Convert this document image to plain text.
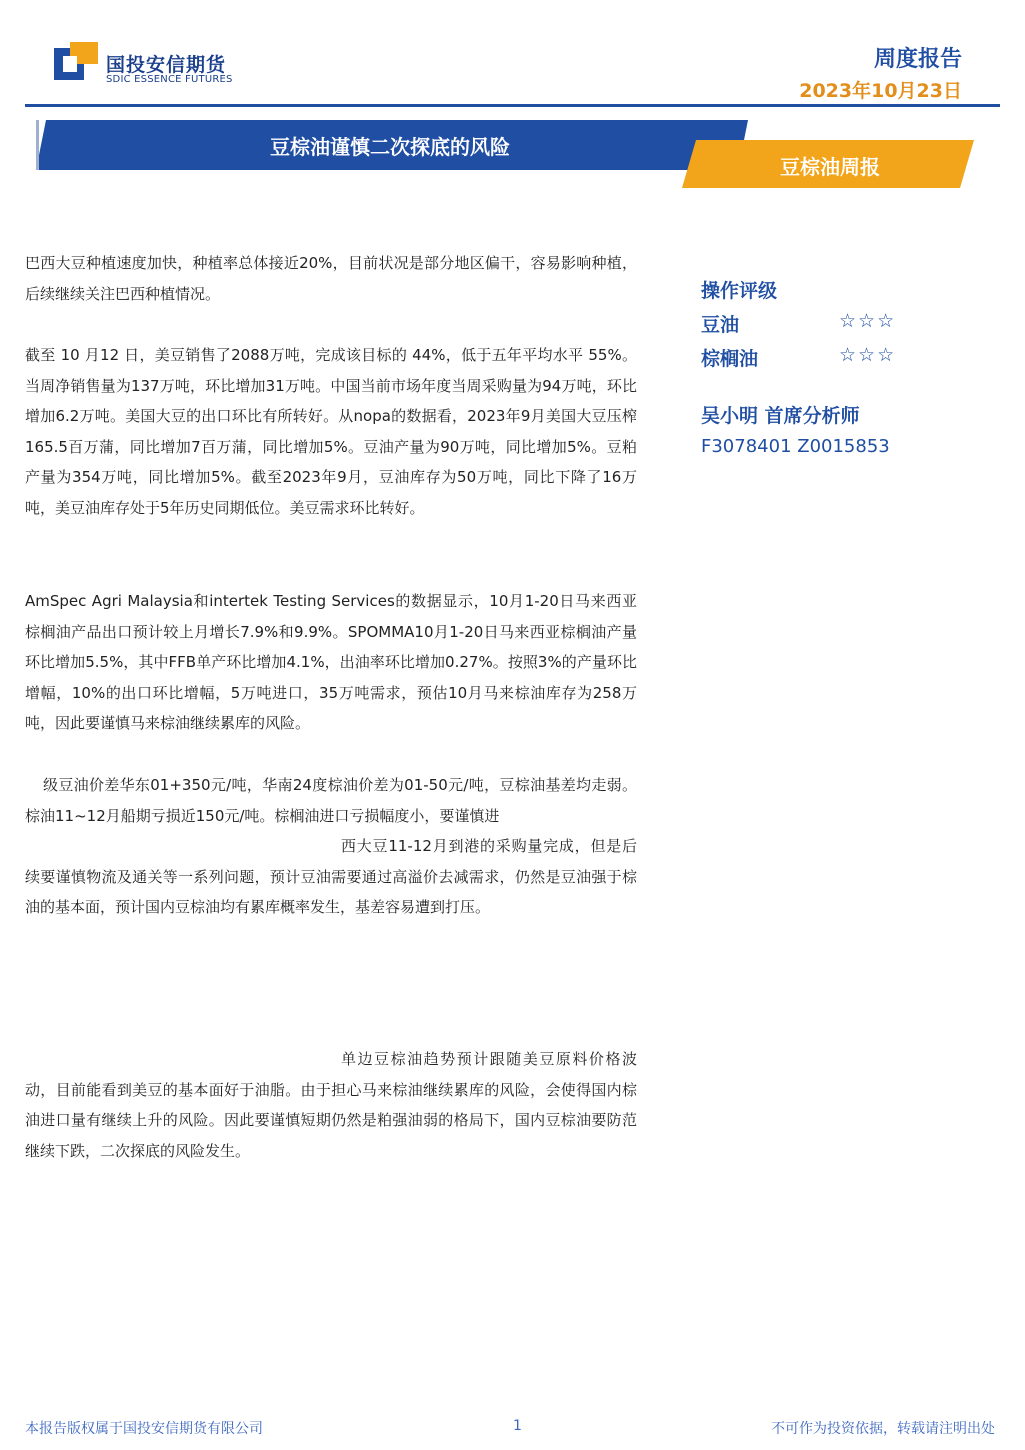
国投安信期货
SDIC ESSENCE FUTURES
周度报告
2023年10月23日
豆棕油谨慎二次探底的风险
豆棕油周报

巴西大豆种植速度加快，种植率总体接近20%，目前状况是部分地区偏干，容易影响种植，后续继续关注巴西种植情况。

截至 10 月12 日，美豆销售了2088万吨，完成该目标的 44%，低于五年平均水平 55%。当周净销售量为137万吨，环比增加31万吨。中国当前市场年度当周采购量为94万吨，环比增加6.2万吨。美国大豆的出口环比有所转好。从nopa的数据看，2023年9月美国大豆压榨165.5百万蒲，同比增加7百万蒲，同比增加5%。豆油产量为90万吨，同比增加5%。豆粕产量为354万吨，同比增加5%。截至2023年9月，豆油库存为50万吨，同比下降了16万吨，美豆油库存处于5年历史同期低位。美豆需求环比转好。

AmSpec Agri Malaysia和intertek Testing Services的数据显示，10月1-20日马来西亚棕榈油产品出口预计较上月增长7.9%和9.9%。SPOMMA10月1-20日马来西亚棕榈油产量环比增加5.5%，其中FFB单产环比增加4.1%，出油率环比增加0.27%。按照3%的产量环比增幅，10%的出口环比增幅，5万吨进口，35万吨需求，预估10月马来棕油库存为258万吨，因此要谨慎马来棕油继续累库的风险。

级豆油价差华东01+350元/吨，华南24度棕油价差为01-50元/吨，豆棕油基差均走弱。棕油11~12月船期亏损近150元/吨。棕榈油进口亏损幅度小，要谨慎进
西大豆11-12月到港的采购量完成，但是后续要谨慎物流及通关等一系列问题，预计豆油需要通过高溢价去减需求，仍然是豆油强于棕油的基本面，预计国内豆棕油均有累库概率发生，基差容易遭到打压。

单边豆棕油趋势预计跟随美豆原料价格波动，目前能看到美豆的基本面好于油脂。由于担心马来棕油继续累库的风险，会使得国内棕油进口量有继续上升的风险。因此要谨慎短期仍然是粕强油弱的格局下，国内豆棕油要防范继续下跌，二次探底的风险发生。

操作评级
豆油	☆☆☆
棕榈油	☆☆☆
吴小明 首席分析师
F3078401 Z0015853
本报告版权属于国投安信期货有限公司	1	不可作为投资依据，转载请注明出处
